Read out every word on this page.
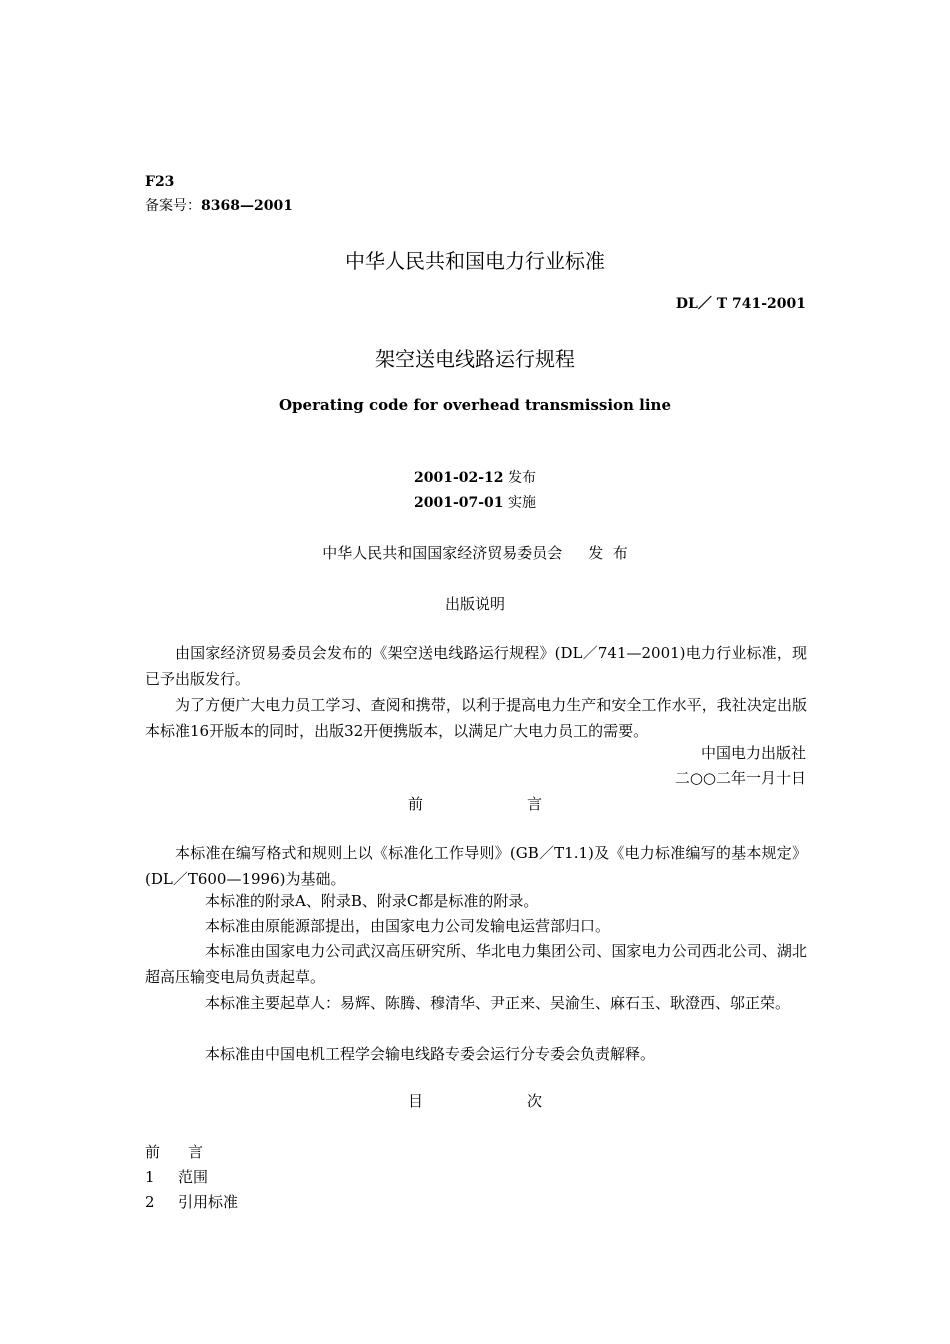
F23
备案号：8368—2001
中华人民共和国电力行业标准
DL／ T 741-2001
架空送电线路运行规程
Operating code for overhead transmission line
2001-02-12 发布
2001-07-01 实施
中华人民共和国国家经济贸易委员会 发  布
出版说明
由国家经济贸易委员会发布的《架空送电线路运行规程》(DL／741—2001)电力行业标准，现已予出版发行。
为了方便广大电力员工学习、查阅和携带，以利于提高电力生产和安全工作水平，我社决定出版本标准16开版本的同时，出版32开便携版本，以满足广大电力员工的需要。
中国电力出版社
二○○二年一月十日
前	言
本标准在编写格式和规则上以《标准化工作导则》(GB／T1.1)及《电力标准编写的基本规定》(DL／T600—1996)为基础。
本标准的附录A、附录B、附录C都是标准的附录。
本标准由原能源部提出，由国家电力公司发输电运营部归口。
本标准由国家电力公司武汉高压研究所、华北电力集团公司、国家电力公司西北公司、湖北超高压输变电局负责起草。
本标准主要起草人：易辉、陈腾、穆清华、尹正来、吴渝生、麻石玉、耿澄西、邬正荣。
本标准由中国电机工程学会输电线路专委会运行分专委会负责解释。
目	次
前 言
1 范围
2 引用标准
